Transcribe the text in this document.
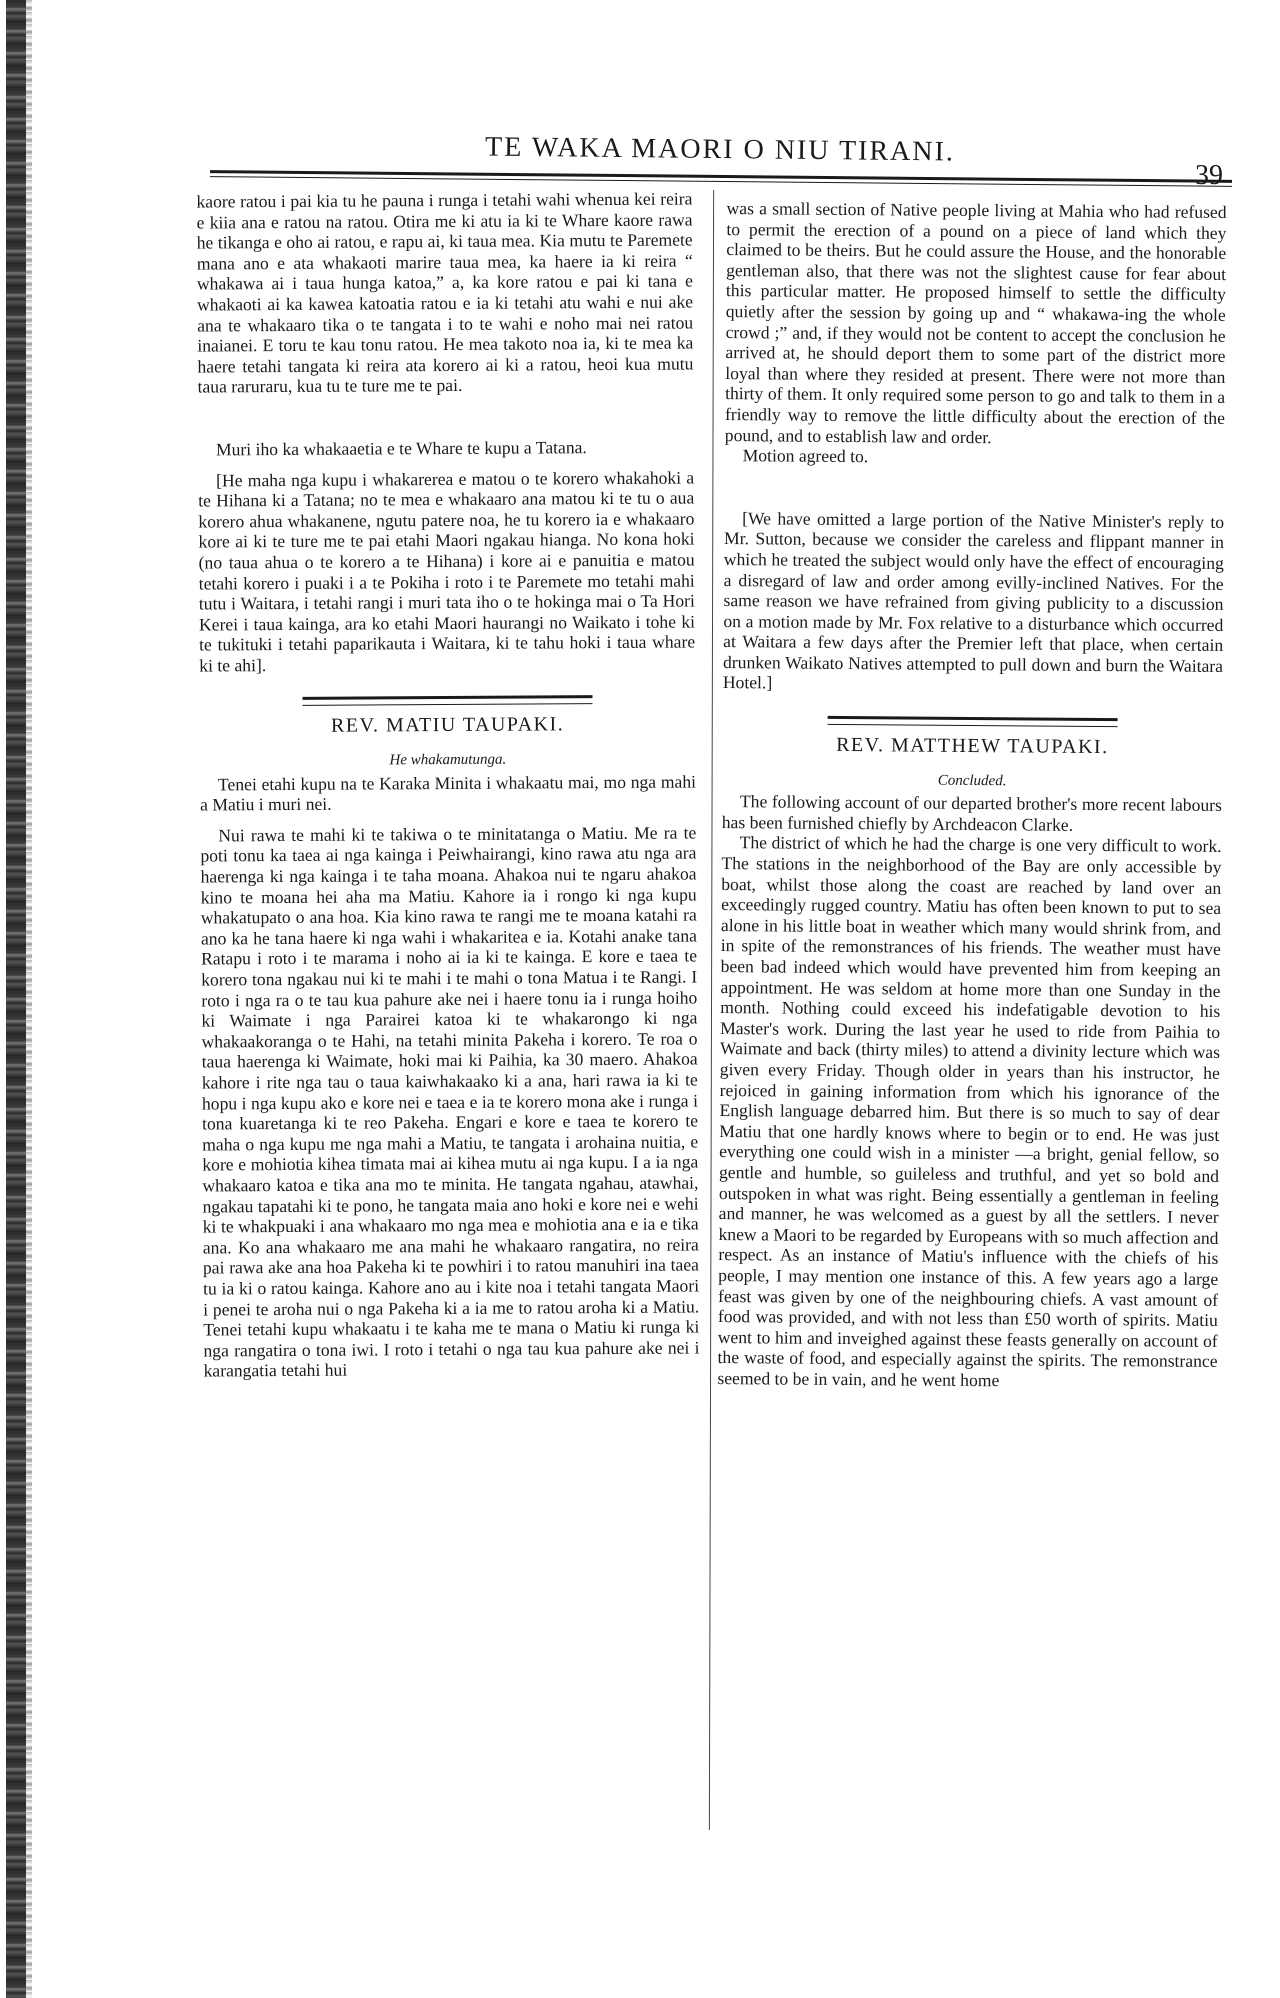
TE WAKA MAORI O NIU TIRANI.
39

kaore ratou i pai kia tu he pauna i runga i tetahi wahi whenua kei reira e kiia ana e ratou na ratou. Otira me ki atu ia ki te Whare kaore rawa he tikanga e oho ai ratou, e rapu ai, ki taua mea. Kia mutu te Paremete mana ano e ata whakaoti marire taua mea, ka haere ia ki reira “ whakawa ai i taua hunga katoa,” a, ka kore ratou e pai ki tana e whakaoti ai ka kawea katoatia ratou e ia ki tetahi atu wahi e nui ake ana te whakaaro tika o te tangata i to te wahi e noho mai nei ratou inaianei. E toru te kau tonu ratou. He mea takoto noa ia, ki te mea ka haere tetahi tangata ki reira ata korero ai ki a ratou, heoi kua mutu taua raruraru, kua tu te ture me te pai.

Muri iho ka whakaaetia e te Whare te kupu a Tatana.

[He maha nga kupu i whakarerea e matou o te korero whakahoki a te Hihana ki a Tatana; no te mea e whakaaro ana matou ki te tu o aua korero ahua whakanene, ngutu patere noa, he tu korero ia e whakaaro kore ai ki te ture me te pai etahi Maori ngakau hianga. No kona hoki (no taua ahua o te korero a te Hihana) i kore ai e panuitia e matou tetahi korero i puaki i a te Pokiha i roto i te Paremete mo tetahi mahi tutu i Waitara, i tetahi rangi i muri tata iho o te hokinga mai o Ta Hori Kerei i taua kainga, ara ko etahi Maori haurangi no Waikato i tohe ki te tukituki i tetahi paparikauta i Waitara, ki te tahu hoki i taua whare ki te ahi].

REV. MATIU TAUPAKI.
He whakamutunga.

Tenei etahi kupu na te Karaka Minita i whakaatu mai, mo nga mahi a Matiu i muri nei.

Nui rawa te mahi ki te takiwa o te minitatanga o Matiu. Me ra te poti tonu ka taea ai nga kainga i Peiwhairangi, kino rawa atu nga ara haerenga ki nga kainga i te taha moana. Ahakoa nui te ngaru ahakoa kino te moana hei aha ma Matiu. Kahore ia i rongo ki nga kupu whakatupato o ana hoa. Kia kino rawa te rangi me te moana katahi ra ano ka he tana haere ki nga wahi i whakaritea e ia. Kotahi anake tana Ratapu i roto i te marama i noho ai ia ki te kainga. E kore e taea te korero tona ngakau nui ki te mahi i te mahi o tona Matua i te Rangi. I roto i nga ra o te tau kua pahure ake nei i haere tonu ia i runga hoiho ki Waimate i nga Parairei katoa ki te whakarongo ki nga whakaakoranga o te Hahi, na tetahi minita Pakeha i korero. Te roa o taua haerenga ki Waimate, hoki mai ki Paihia, ka 30 maero. Ahakoa kahore i rite nga tau o taua kaiwhakaako ki a ana, hari rawa ia ki te hopu i nga kupu ako e kore nei e taea e ia te korero mona ake i runga i tona kuaretanga ki te reo Pakeha. Engari e kore e taea te korero te maha o nga kupu me nga mahi a Matiu, te tangata i arohaina nuitia, e kore e mohiotia kihea timata mai ai kihea mutu ai nga kupu. I a ia nga whakaaro katoa e tika ana mo te minita. He tangata ngahau, atawhai, ngakau tapatahi ki te pono, he tangata maia ano hoki e kore nei e wehi ki te whakpuaki i ana whakaaro mo nga mea e mohiotia ana e ia e tika ana. Ko ana whakaaro me ana mahi he whakaaro rangatira, no reira pai rawa ake ana hoa Pakeha ki te powhiri i to ratou manuhiri ina taea tu ia ki o ratou kainga. Kahore ano au i kite noa i tetahi tangata Maori i penei te aroha nui o nga Pakeha ki a ia me to ratou aroha ki a Matiu. Tenei tetahi kupu whakaatu i te kaha me te mana o Matiu ki runga ki nga rangatira o tona iwi. I roto i tetahi o nga tau kua pahure ake nei i karangatia tetahi hui

was a small section of Native people living at Mahia who had refused to permit the erection of a pound on a piece of land which they claimed to be theirs. But he could assure the House, and the honorable gentleman also, that there was not the slightest cause for fear about this particular matter. He proposed himself to settle the difficulty quietly after the session by going up and “ whakawa-ing the whole crowd ;” and, if they would not be content to accept the conclusion he arrived at, he should deport them to some part of the district more loyal than where they resided at present. There were not more than thirty of them. It only required some person to go and talk to them in a friendly way to remove the little difficulty about the erection of the pound, and to establish law and order.

Motion agreed to.

[We have omitted a large portion of the Native Minister's reply to Mr. Sutton, because we consider the careless and flippant manner in which he treated the subject would only have the effect of encouraging a disregard of law and order among evilly-inclined Natives. For the same reason we have refrained from giving publicity to a discussion on a motion made by Mr. Fox relative to a disturbance which occurred at Waitara a few days after the Premier left that place, when certain drunken Waikato Natives attempted to pull down and burn the Waitara Hotel.]

REV. MATTHEW TAUPAKI.
Concluded.

The following account of our departed brother's more recent labours has been furnished chiefly by Archdeacon Clarke.

The district of which he had the charge is one very difficult to work. The stations in the neighborhood of the Bay are only accessible by boat, whilst those along the coast are reached by land over an exceedingly rugged country. Matiu has often been known to put to sea alone in his little boat in weather which many would shrink from, and in spite of the remonstrances of his friends. The weather must have been bad indeed which would have prevented him from keeping an appointment. He was seldom at home more than one Sunday in the month. Nothing could exceed his indefatigable devotion to his Master's work. During the last year he used to ride from Paihia to Waimate and back (thirty miles) to attend a divinity lecture which was given every Friday. Though older in years than his instructor, he rejoiced in gaining information from which his ignorance of the English language debarred him. But there is so much to say of dear Matiu that one hardly knows where to begin or to end. He was just everything one could wish in a minister —a bright, genial fellow, so gentle and humble, so guileless and truthful, and yet so bold and outspoken in what was right. Being essentially a gentleman in feeling and manner, he was welcomed as a guest by all the settlers. I never knew a Maori to be regarded by Europeans with so much affection and respect. As an instance of Matiu's influence with the chiefs of his people, I may mention one instance of this. A few years ago a large feast was given by one of the neighbouring chiefs. A vast amount of food was provided, and with not less than £50 worth of spirits. Matiu went to him and inveighed against these feasts generally on account of the waste of food, and especially against the spirits. The remonstrance seemed to be in vain, and he went home
